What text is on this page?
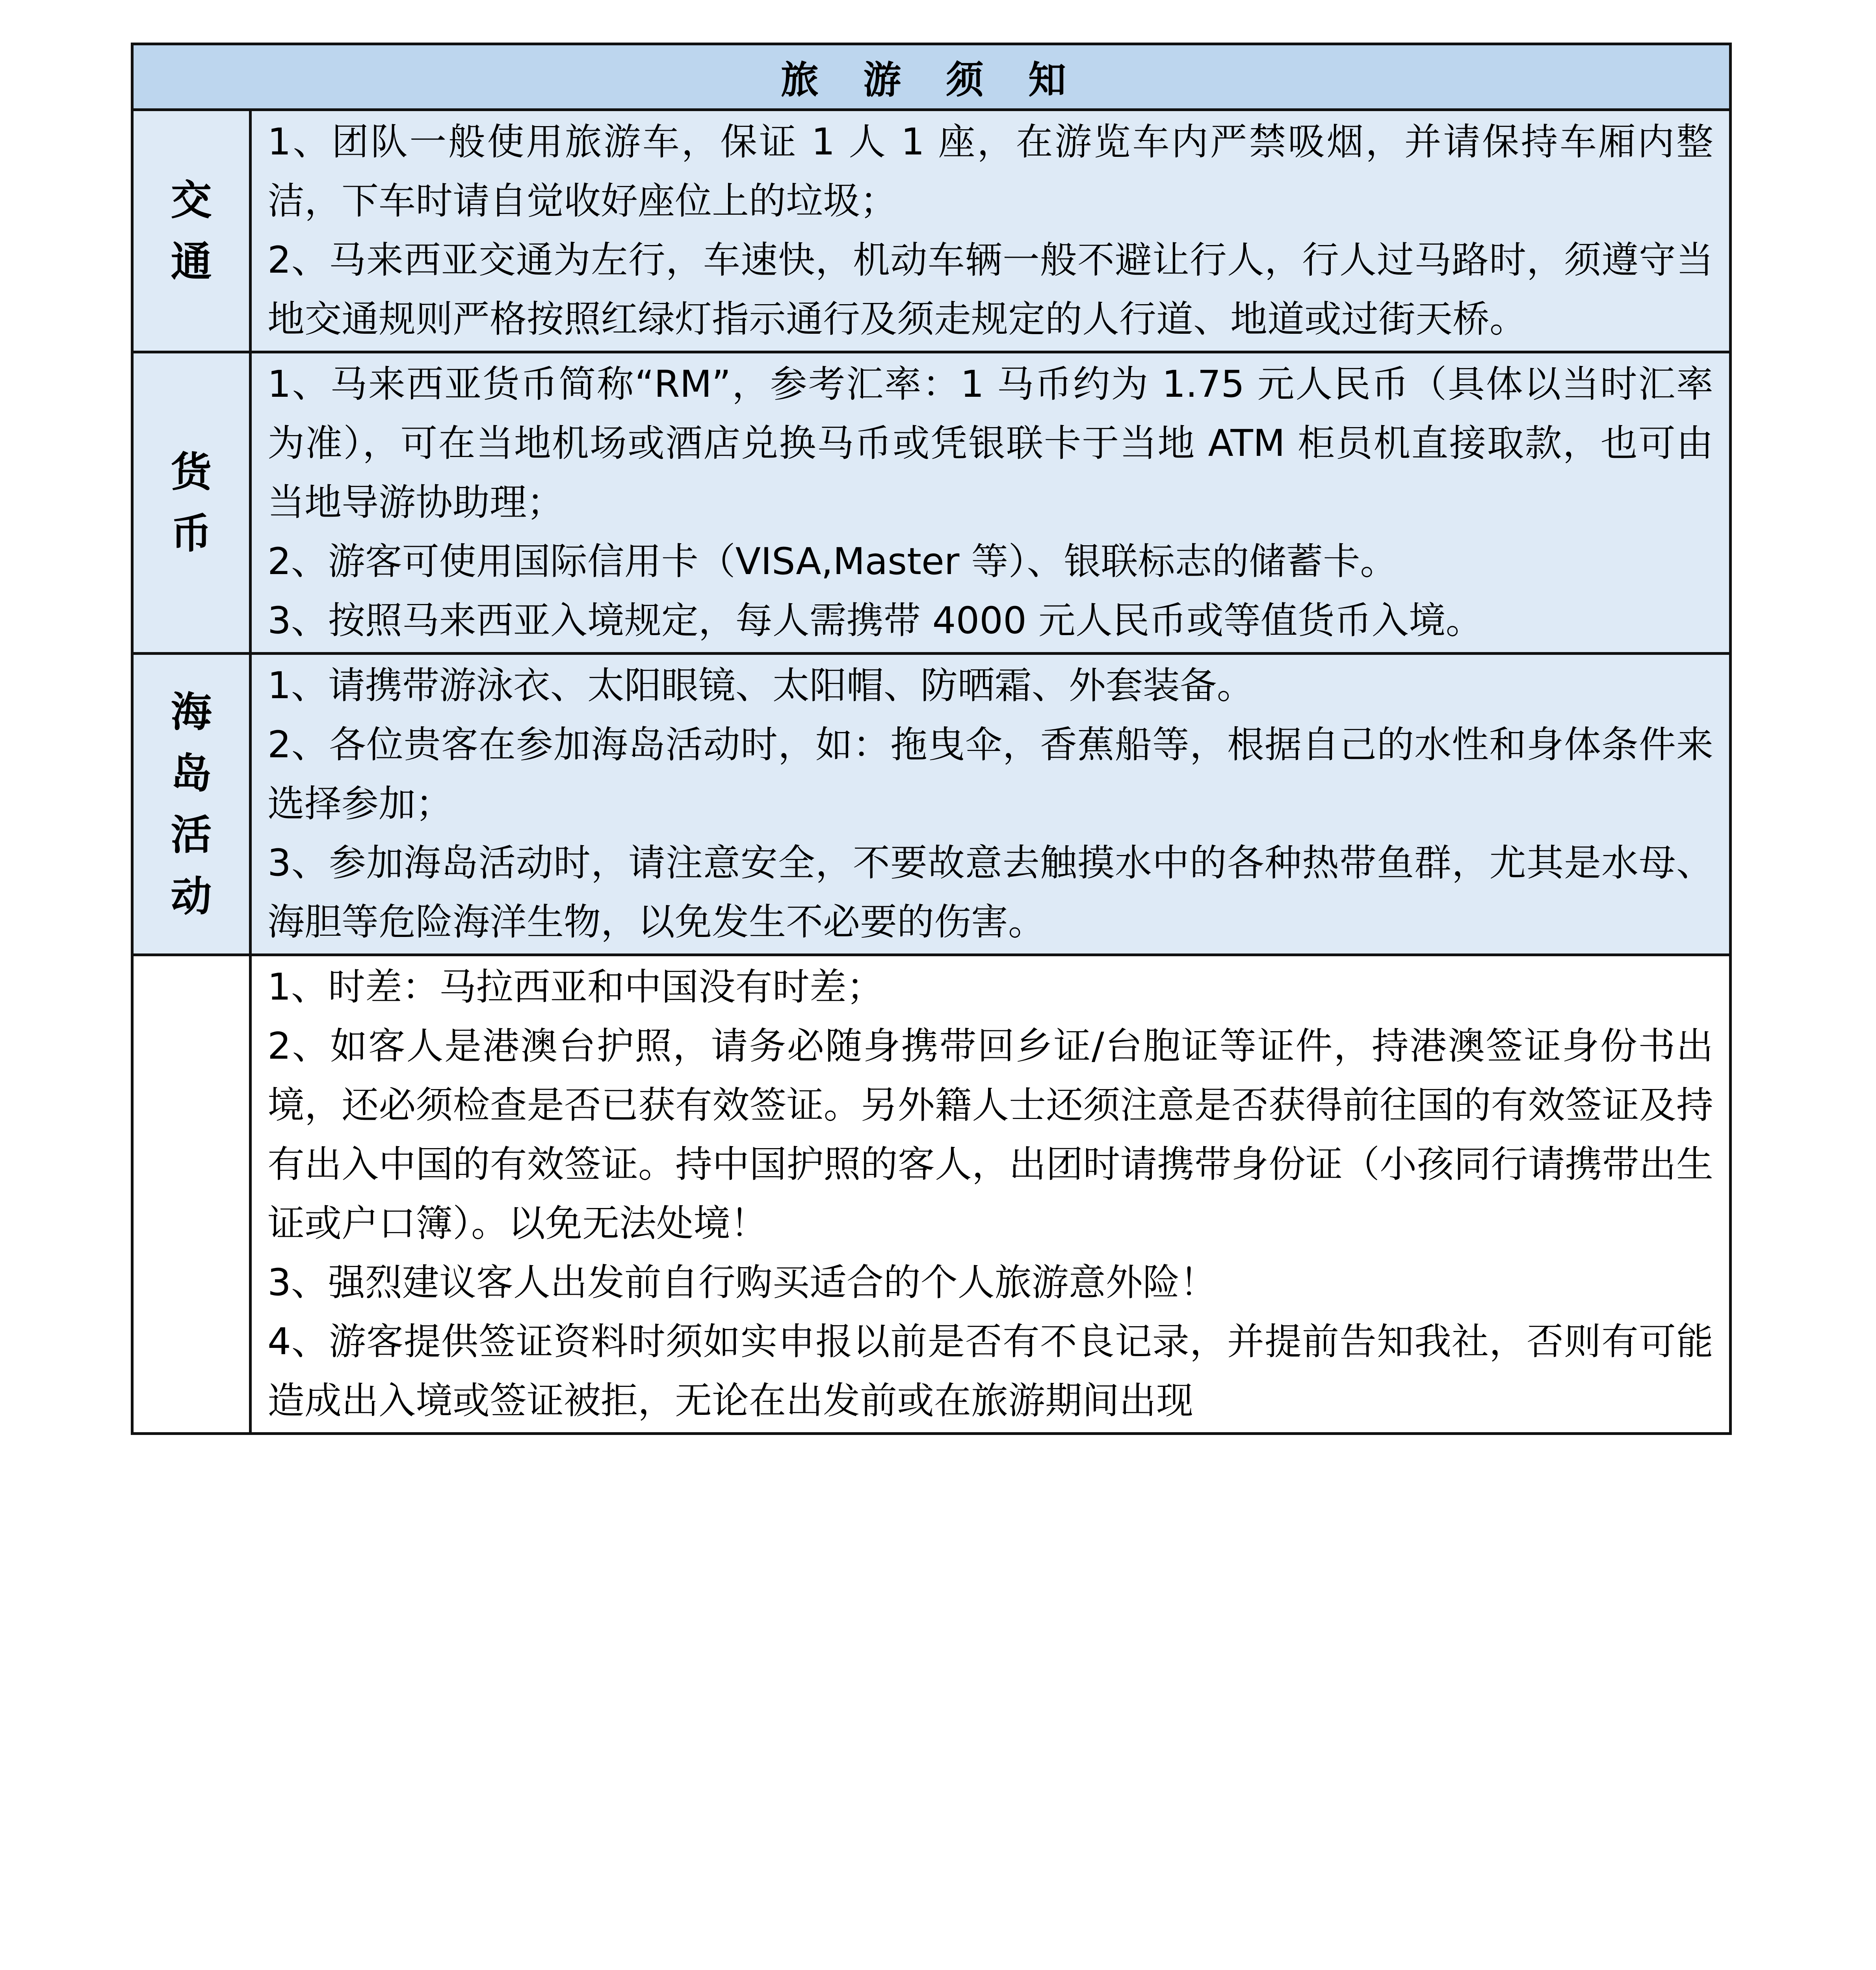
旅 游 须 知	
交通	1、团队一般使用旅游车，保证 1 人 1 座，在游览车内严禁吸烟，并请保持车厢内整洁，下车时请自觉收好座位上的垃圾；

2、马来西亚交通为左行，车速快，机动车辆一般不避让行人，行人过马路时，须遵守当地交通规则严格按照红绿灯指示通行及须走规定的人行道、地道或过街天桥。

货币	1、马来西亚货币简称“RM”，参考汇率：1 马币约为 1.75 元人民币（具体以当时汇率为准），可在当地机场或酒店兑换马币或凭银联卡于当地 ATM 柜员机直接取款，也可由当地导游协助理；

2、游客可使用国际信用卡（VISA,Master 等）、银联标志的储蓄卡。

3、按照马来西亚入境规定，每人需携带 4000 元人民币或等值货币入境。

海岛活动	1、请携带游泳衣、太阳眼镜、太阳帽、防晒霜、外套装备。

2、各位贵客在参加海岛活动时，如：拖曳伞，香蕉船等，根据自己的水性和身体条件来选择参加；

3、参加海岛活动时，请注意安全，不要故意去触摸水中的各种热带鱼群，尤其是水母、海胆等危险海洋生物，以免发生不必要的伤害。

	1、时差：马拉西亚和中国没有时差；

2、如客人是港澳台护照，请务必随身携带回乡证/台胞证等证件，持港澳签证身份书出境，还必须检查是否已获有效签证。另外籍人士还须注意是否获得前往国的有效签证及持有出入中国的有效签证。持中国护照的客人，出团时请携带身份证（小孩同行请携带出生证或户口簿）。以免无法处境！

3、强烈建议客人出发前自行购买适合的个人旅游意外险！

4、游客提供签证资料时须如实申报以前是否有不良记录，并提前告知我社，否则有可能造成出入境或签证被拒，无论在出发前或在旅游期间出现
